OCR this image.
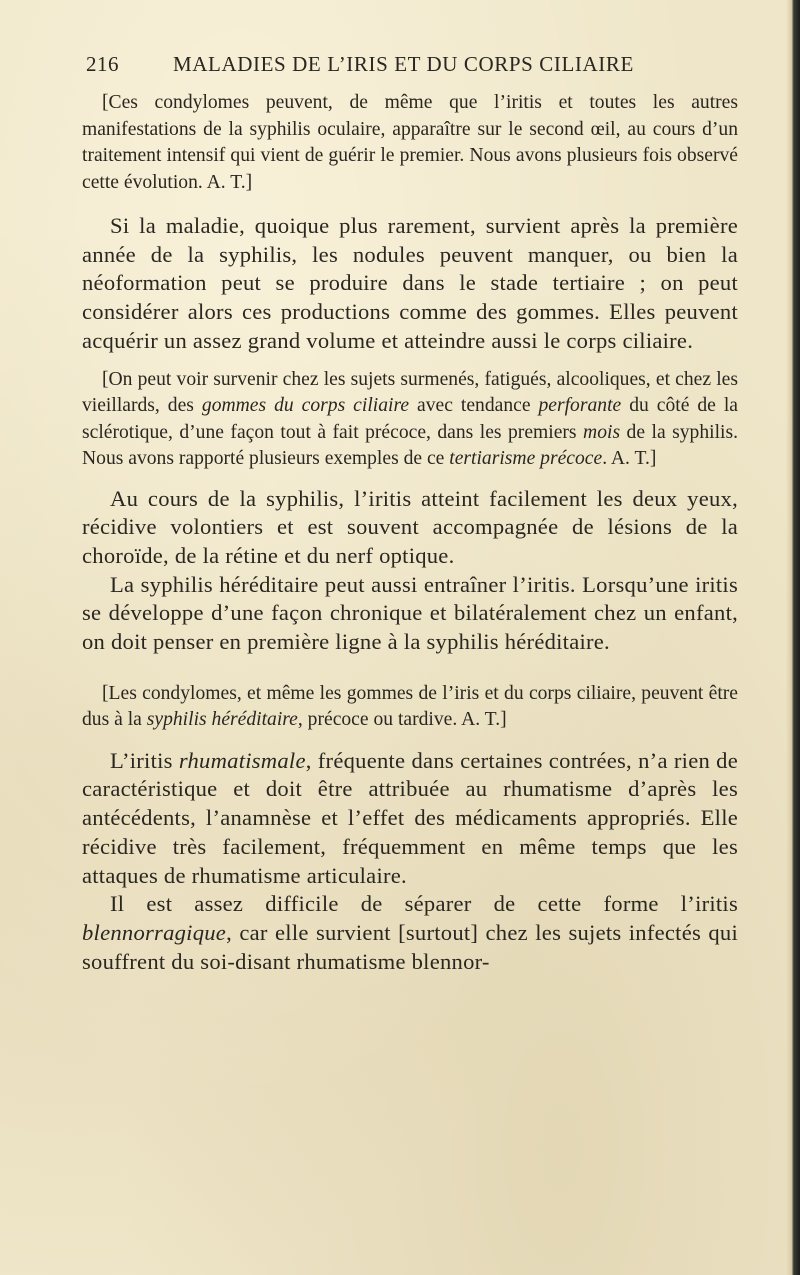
216	MALADIES DE L’IRIS ET DU CORPS CILIAIRE

[Ces condylomes peuvent, de même que l’iritis et toutes les autres manifestations de la syphilis oculaire, apparaître sur le second œil, au cours d’un traitement intensif qui vient de guérir le premier. Nous avons plusieurs fois observé cette évolution. A. T.]

Si la maladie, quoique plus rarement, survient après la première année de la syphilis, les nodules peuvent manquer, ou bien la néoformation peut se produire dans le stade tertiaire ; on peut considérer alors ces productions comme des gommes. Elles peuvent acquérir un assez grand volume et atteindre aussi le corps ciliaire.

[On peut voir survenir chez les sujets surmenés, fatigués, alcooliques, et chez les vieillards, des gommes du corps ciliaire avec tendance perforante du côté de la sclérotique, d’une façon tout à fait précoce, dans les premiers mois de la syphilis. Nous avons rapporté plusieurs exemples de ce tertiarisme précoce. A. T.]

Au cours de la syphilis, l’iritis atteint facilement les deux yeux, récidive volontiers et est souvent accompagnée de lésions de la choroïde, de la rétine et du nerf optique.

La syphilis héréditaire peut aussi entraîner l’iritis. Lorsqu’une iritis se développe d’une façon chronique et bilatéralement chez un enfant, on doit penser en première ligne à la syphilis héréditaire.

[Les condylomes, et même les gommes de l’iris et du corps ciliaire, peuvent être dus à la syphilis héréditaire, précoce ou tardive. A. T.]

L’iritis rhumatismale, fréquente dans certaines contrées, n’a rien de caractéristique et doit être attribuée au rhumatisme d’après les antécédents, l’anamnèse et l’effet des médicaments appropriés. Elle récidive très facilement, fréquemment en même temps que les attaques de rhumatisme articulaire.

Il est assez difficile de séparer de cette forme l’iritis blennorragique, car elle survient [surtout] chez les sujets infectés qui souffrent du soi-disant rhumatisme blennor-
